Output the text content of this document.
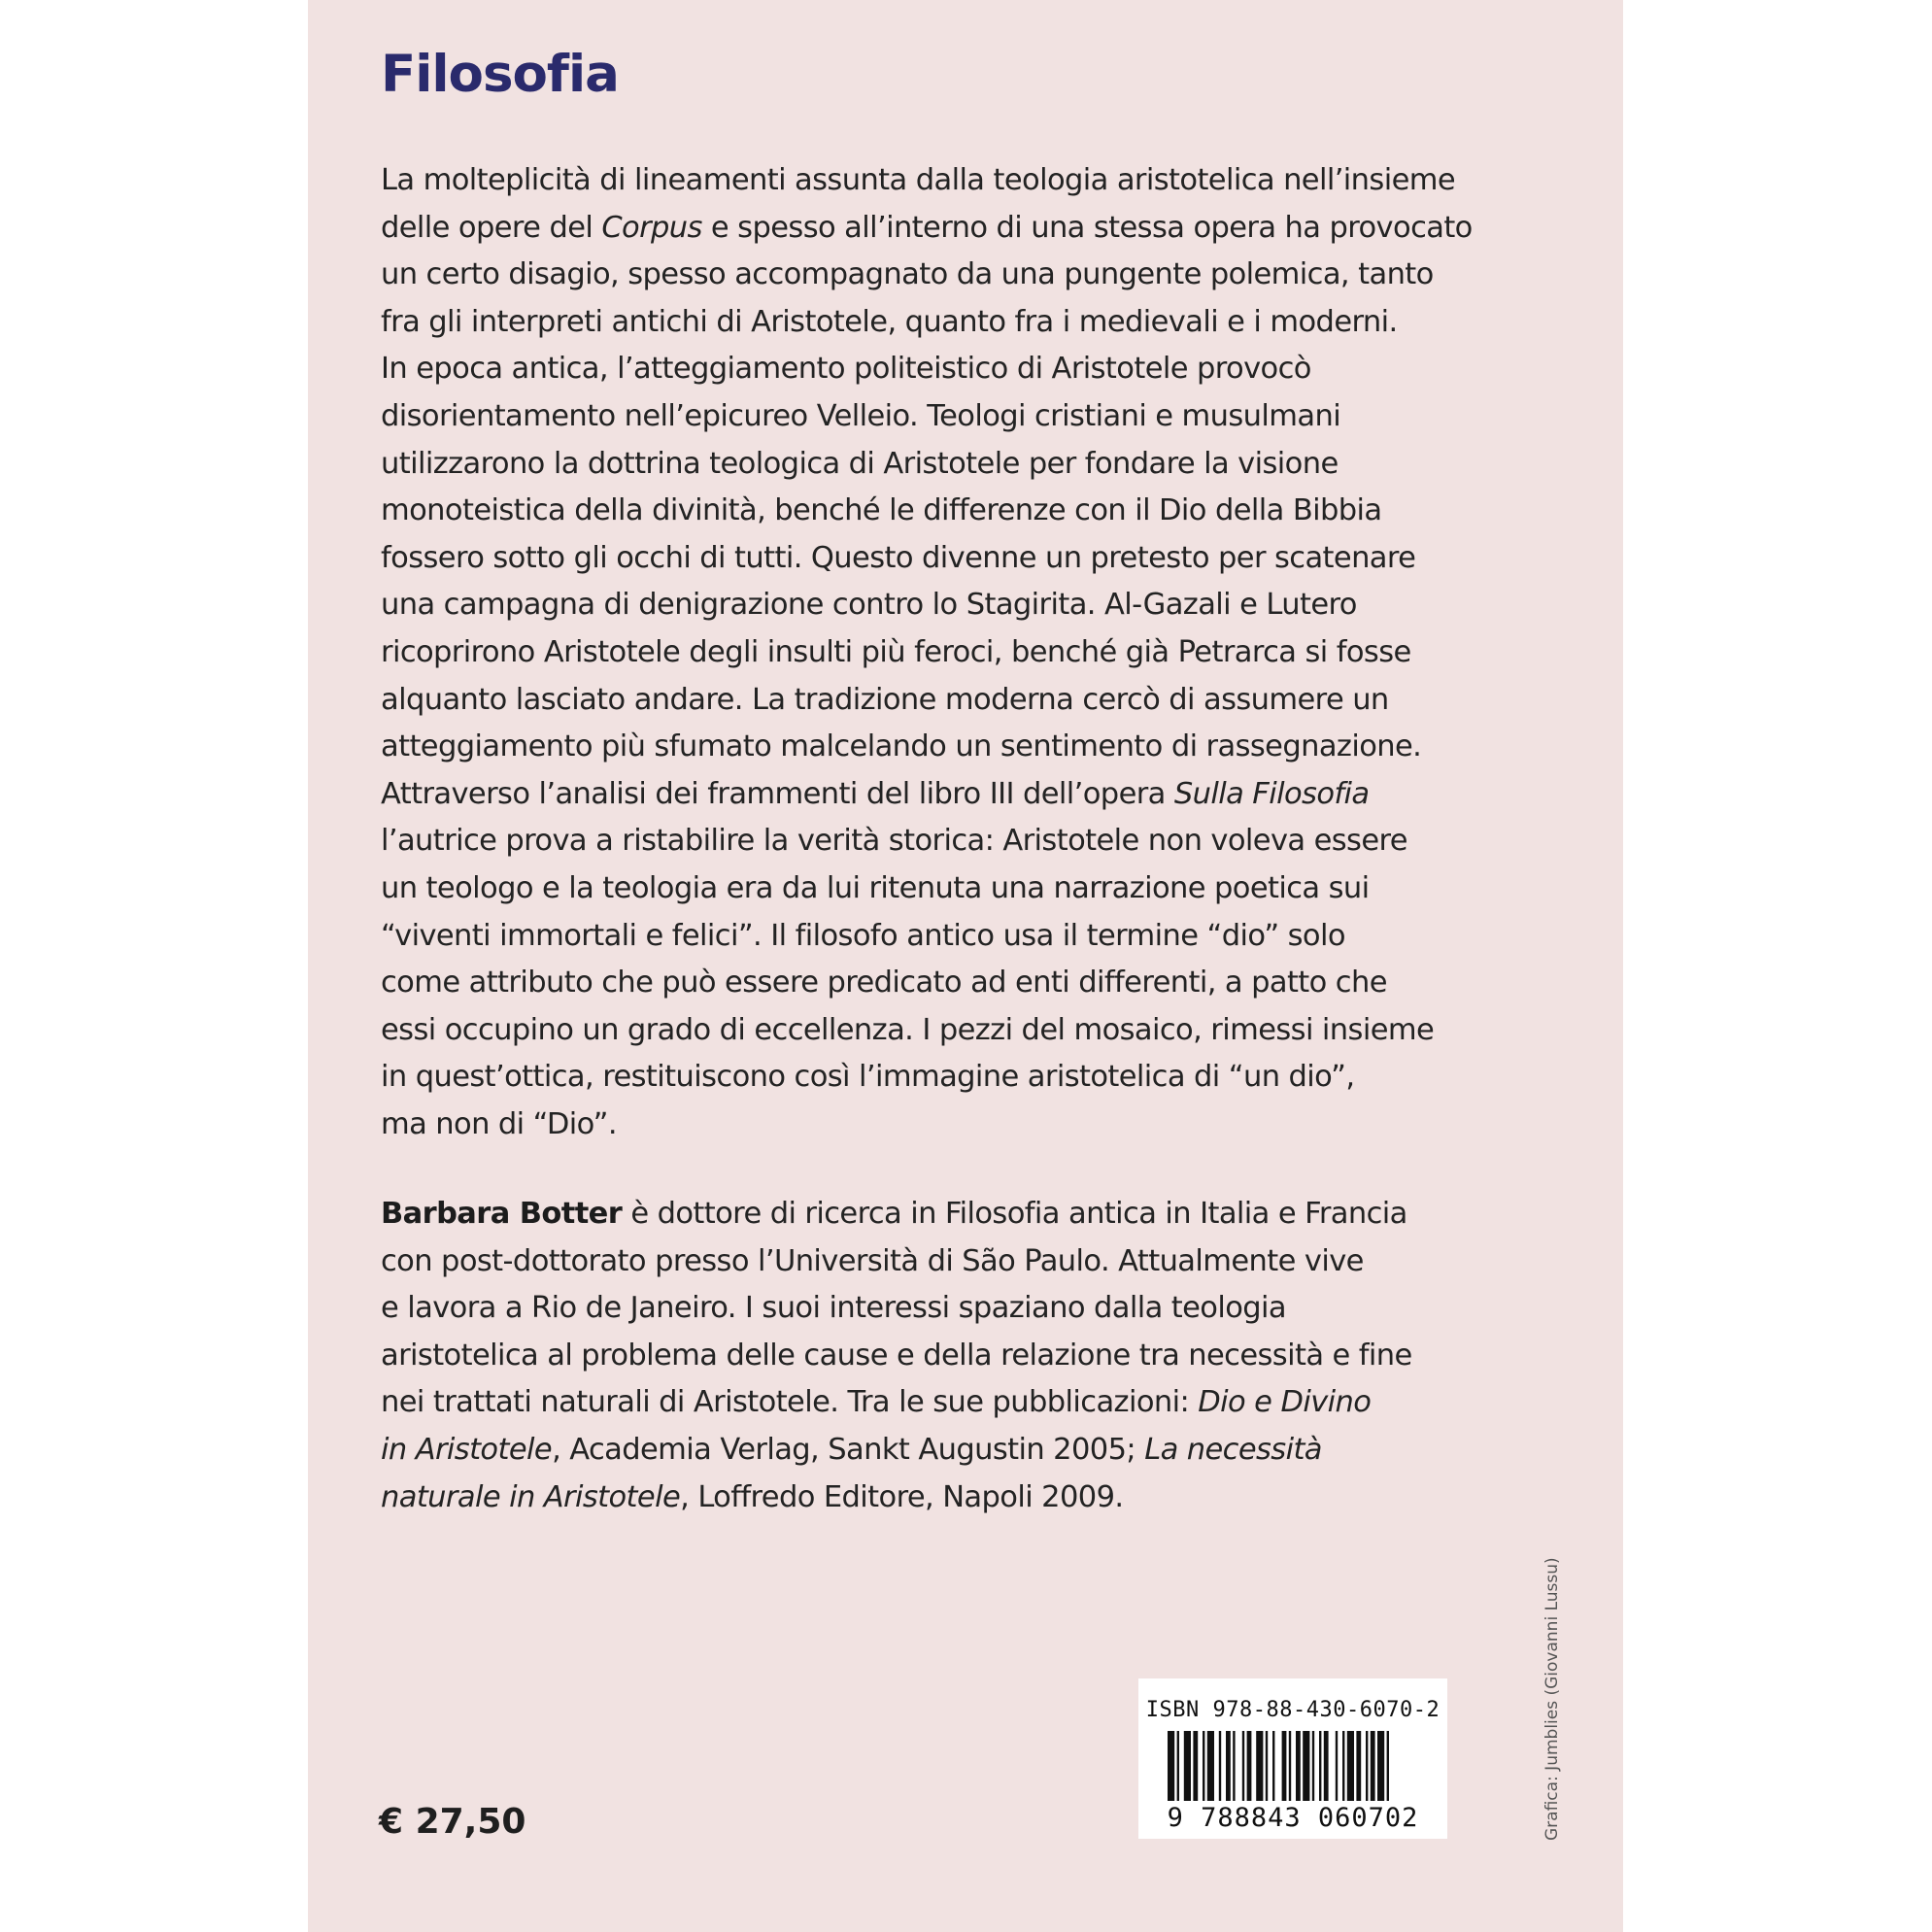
Filosofia
La molteplicità di lineamenti assunta dalla teologia aristotelica nell’insieme
delle opere del Corpus e spesso all’interno di una stessa opera ha provocato
un certo disagio, spesso accompagnato da una pungente polemica, tanto
fra gli interpreti antichi di Aristotele, quanto fra i medievali e i moderni.
In epoca antica, l’atteggiamento politeistico di Aristotele provocò
disorientamento nell’epicureo Velleio. Teologi cristiani e musulmani
utilizzarono la dottrina teologica di Aristotele per fondare la visione
monoteistica della divinità, benché le differenze con il Dio della Bibbia
fossero sotto gli occhi di tutti. Questo divenne un pretesto per scatenare
una campagna di denigrazione contro lo Stagirita. Al-Gazali e Lutero
ricoprirono Aristotele degli insulti più feroci, benché già Petrarca si fosse
alquanto lasciato andare. La tradizione moderna cercò di assumere un
atteggiamento più sfumato malcelando un sentimento di rassegnazione.
Attraverso l’analisi dei frammenti del libro III dell’opera Sulla Filosofia
l’autrice prova a ristabilire la verità storica: Aristotele non voleva essere
un teologo e la teologia era da lui ritenuta una narrazione poetica sui
“viventi immortali e felici”. Il filosofo antico usa il termine “dio” solo
come attributo che può essere predicato ad enti differenti, a patto che
essi occupino un grado di eccellenza. I pezzi del mosaico, rimessi insieme
in quest’ottica, restituiscono così l’immagine aristotelica di “un dio”,
ma non di “Dio”.
Barbara Botter è dottore di ricerca in Filosofia antica in Italia e Francia
con post-dottorato presso l’Università di São Paulo. Attualmente vive
e lavora a Rio de Janeiro. I suoi interessi spaziano dalla teologia
aristotelica al problema delle cause e della relazione tra necessità e fine
nei trattati naturali di Aristotele. Tra le sue pubblicazioni: Dio e Divino
in Aristotele, Academia Verlag, Sankt Augustin 2005; La necessità
naturale in Aristotele, Loffredo Editore, Napoli 2009.
€ 27,50
ISBN 978-88-430-6070-2
9 788843 060702	Grafica: Jumblies (Giovanni Lussu)
